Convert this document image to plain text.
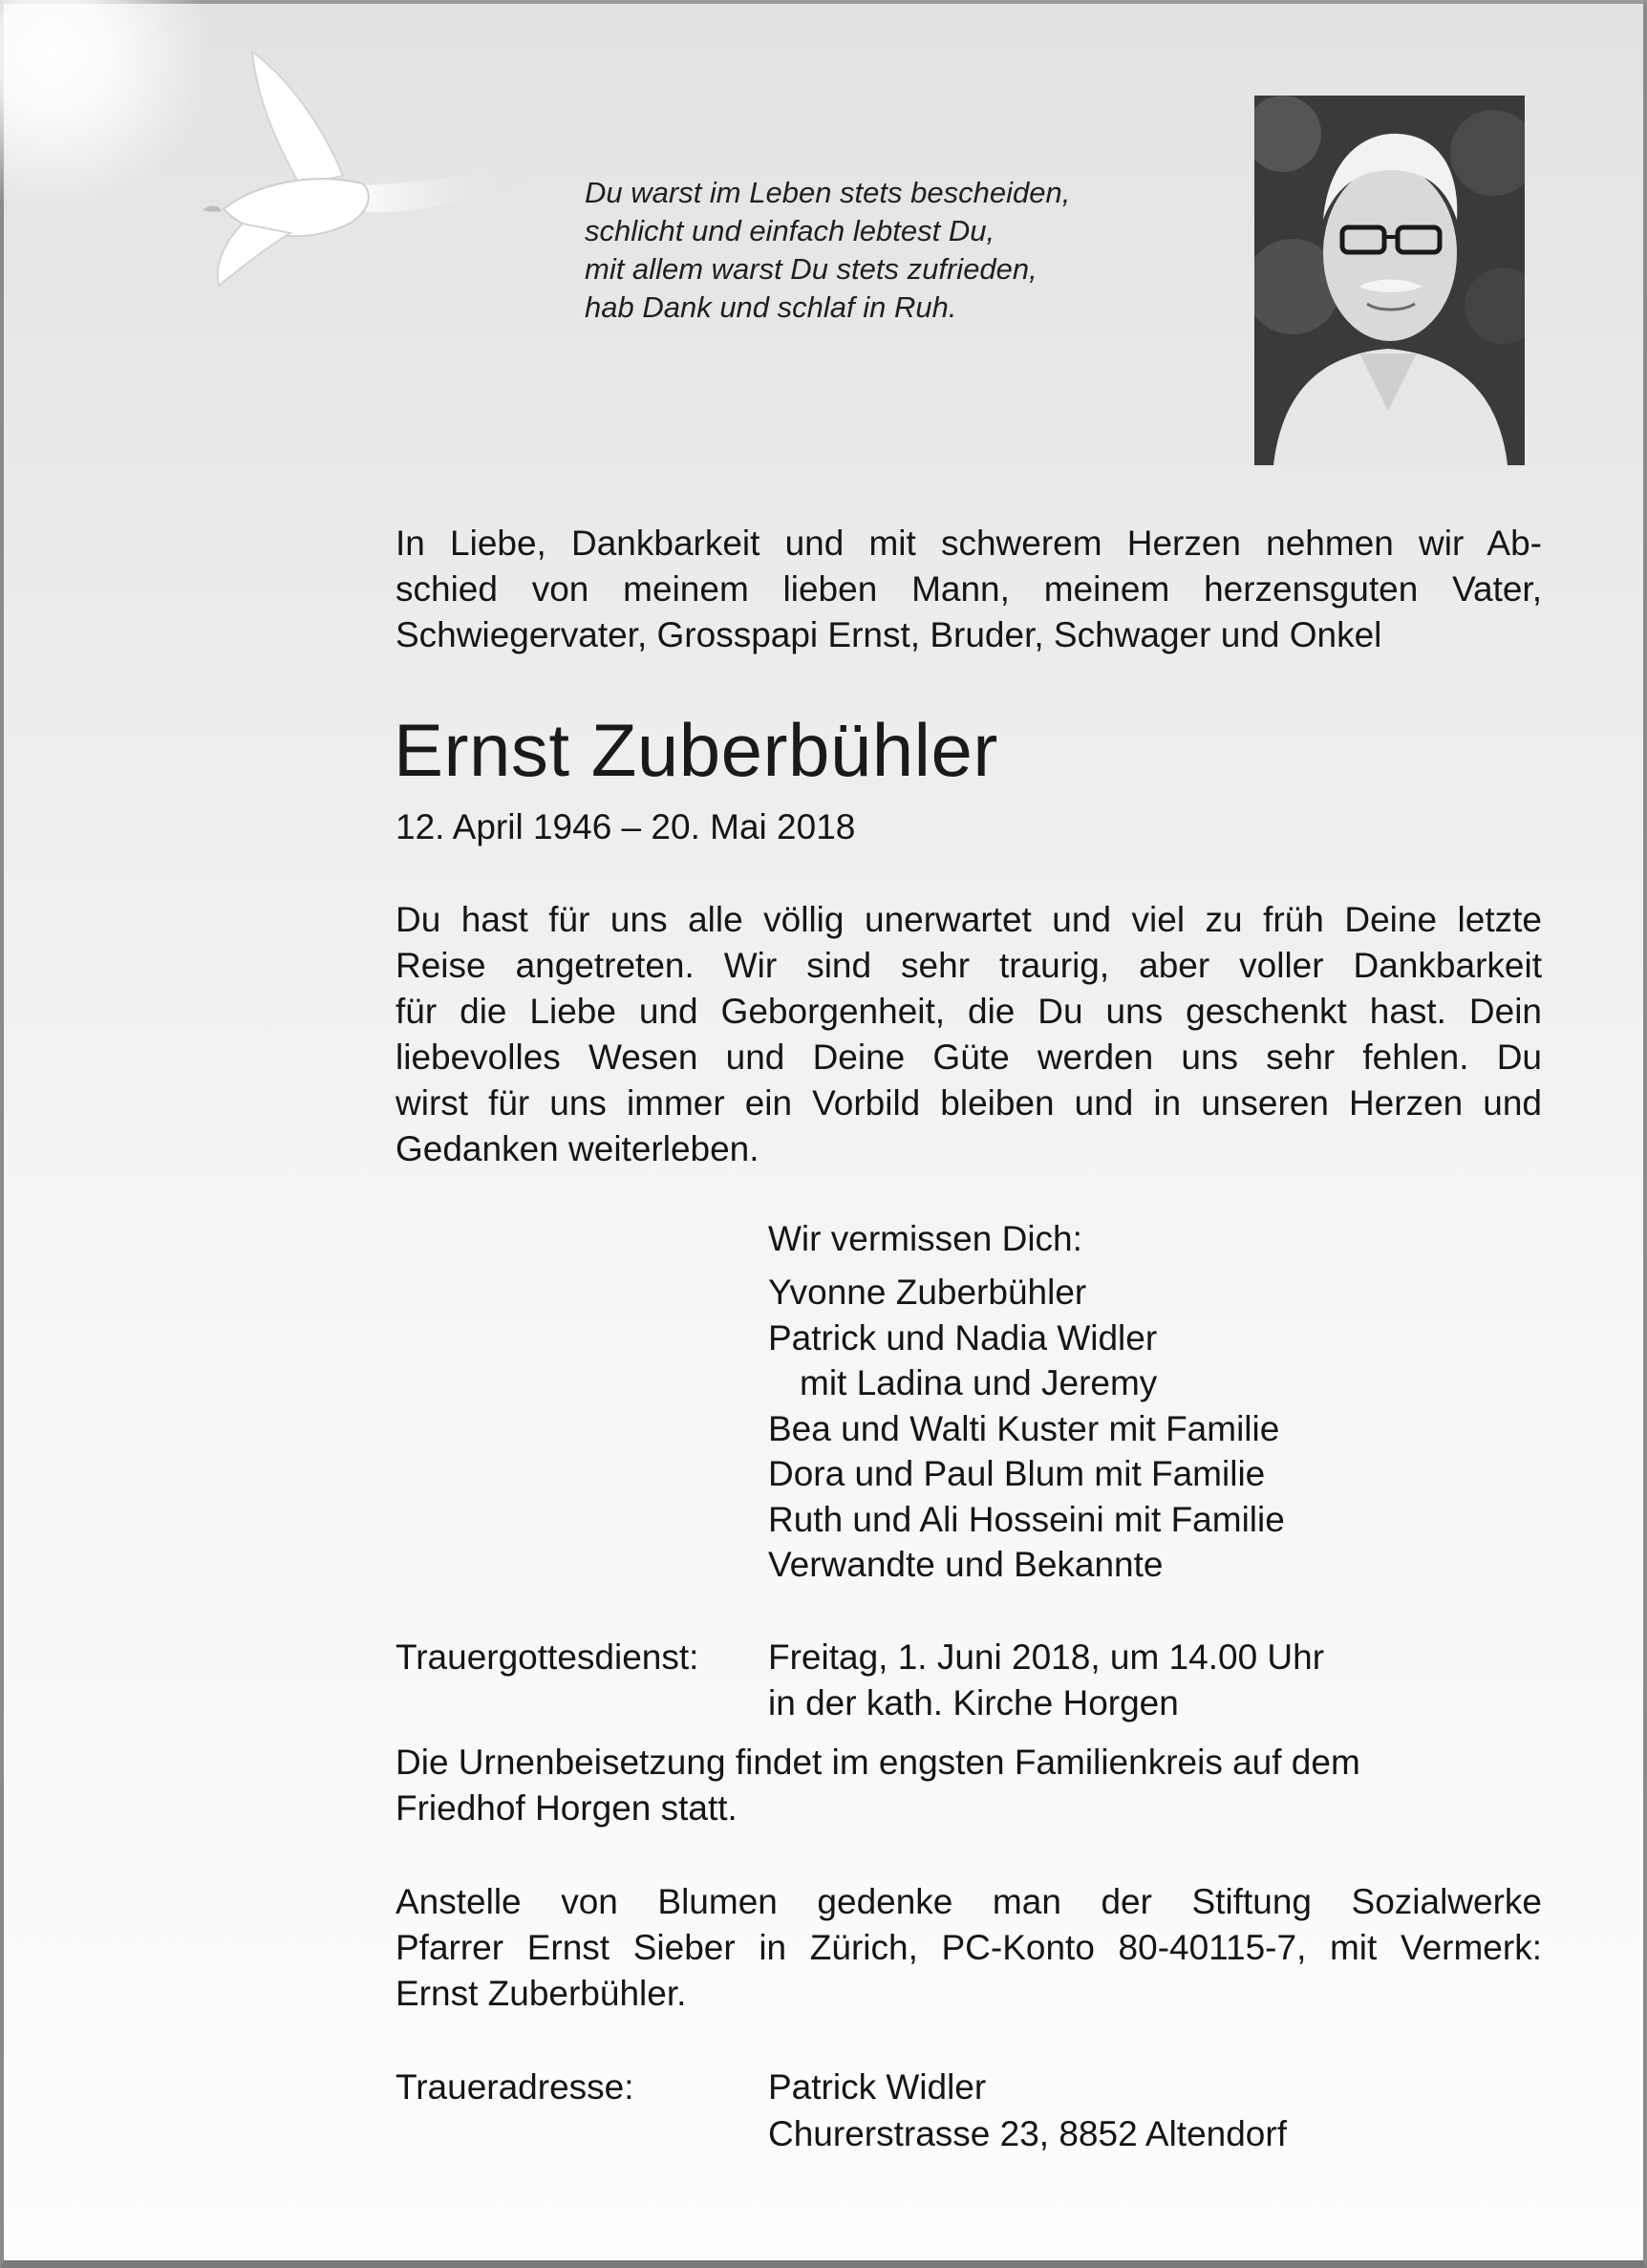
Du warst im Leben stets bescheiden,
schlicht und einfach lebtest Du,
mit allem warst Du stets zufrieden,
hab Dank und schlaf in Ruh.
In Liebe, Dankbarkeit und mit schwerem Herzen nehmen wir Ab-
schied von meinem lieben Mann, meinem herzensguten Vater,
Schwiegervater, Grosspapi Ernst, Bruder, Schwager und Onkel
Ernst Zuberbühler
12. April 1946 – 20. Mai 2018
Du hast für uns alle völlig unerwartet und viel zu früh Deine letzte
Reise angetreten. Wir sind sehr traurig, aber voller Dankbarkeit
für die Liebe und Geborgenheit, die Du uns geschenkt hast. Dein
liebevolles Wesen und Deine Güte werden uns sehr fehlen. Du
wirst für uns immer ein Vorbild bleiben und in unseren Herzen und
Gedanken weiterleben.
Wir vermissen Dich:
Yvonne Zuberbühler
Patrick und Nadia Widler
mit Ladina und Jeremy
Bea und Walti Kuster mit Familie
Dora und Paul Blum mit Familie
Ruth und Ali Hosseini mit Familie
Verwandte und Bekannte
Trauergottesdienst: Freitag, 1. Juni 2018, um 14.00 Uhr
in der kath. Kirche Horgen
Die Urnenbeisetzung findet im engsten Familienkreis auf dem
Friedhof Horgen statt.
Anstelle von Blumen gedenke man der Stiftung Sozialwerke
Pfarrer Ernst Sieber in Zürich, PC-Konto 80-40115-7, mit Vermerk:
Ernst Zuberbühler.
Traueradresse:	Patrick Widler
Churerstrasse 23, 8852 Altendorf
